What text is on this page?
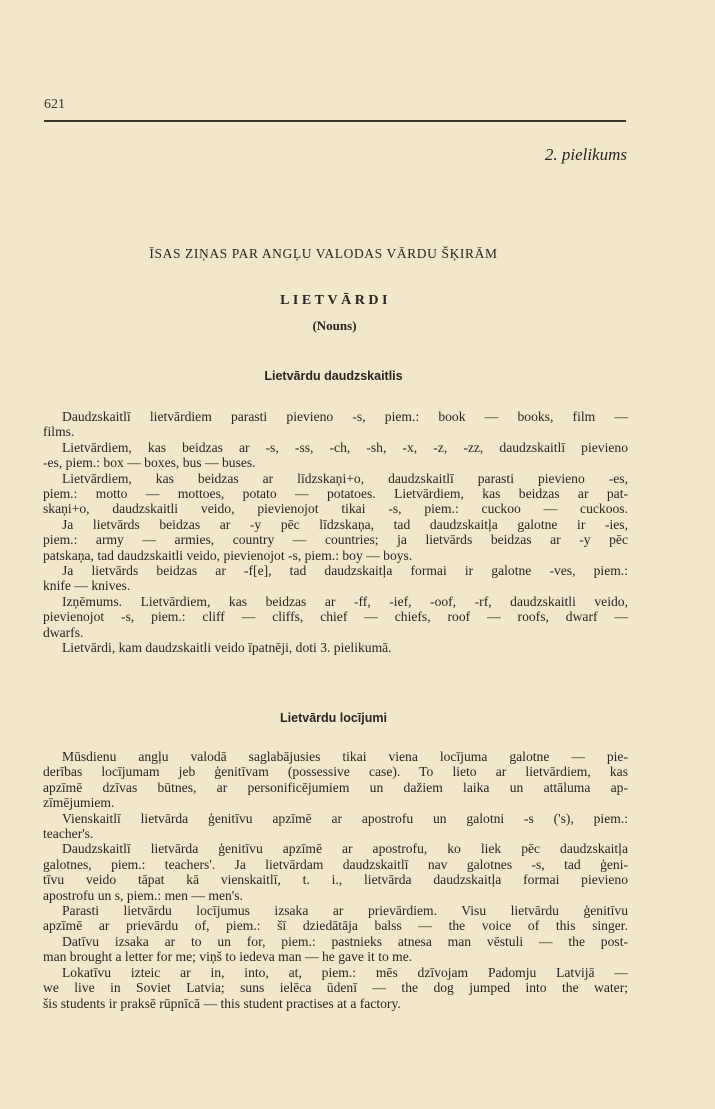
621
2. pielikums
ĪSAS ZIŅAS PAR ANGĻU VALODAS VĀRDU ŠĶIRĀM
LIETVĀRDI
(Nouns)
Lietvārdu daudzskaitlis
Daudzskaitlī lietvārdiem parasti pievieno -s, piem.: book — books, film —
films.
Lietvārdiem, kas beidzas ar -s, -ss, -ch, -sh, -x, -z, -zz, daudzskaitlī pievieno
-es, piem.: box — boxes, bus — buses.
Lietvārdiem, kas beidzas ar līdzskaņi+o, daudzskaitlī parasti pievieno -es,
piem.: motto — mottoes, potato — potatoes. Lietvārdiem, kas beidzas ar pat-
skaņi+o, daudzskaitli veido, pievienojot tikai -s, piem.: cuckoo — cuckoos.
Ja lietvārds beidzas ar -y pēc līdzskaņa, tad daudzskaitļa galotne ir -ies,
piem.: army — armies, country — countries; ja lietvārds beidzas ar -y pēc
patskaņa, tad daudzskaitli veido, pievienojot -s, piem.: boy — boys.
Ja lietvārds beidzas ar -f[e], tad daudzskaitļa formai ir galotne -ves, piem.:
knife — knives.
Izņēmums. Lietvārdiem, kas beidzas ar -ff, -ief, -oof, -rf, daudzskaitli veido,
pievienojot -s, piem.: cliff — cliffs, chief — chiefs, roof — roofs, dwarf —
dwarfs.
Lietvārdi, kam daudzskaitli veido īpatnēji, doti 3. pielikumā.
Lietvārdu locījumi
Mūsdienu angļu valodā saglabājusies tikai viena locījuma galotne — pie-
derības locījumam jeb ģenitīvam (possessive case). To lieto ar lietvārdiem, kas
apzīmē dzīvas būtnes, ar personificējumiem un dažiem laika un attāluma ap-
zīmējumiem.
Vienskaitlī lietvārda ģenitīvu apzīmē ar apostrofu un galotni -s ('s), piem.:
teacher's.
Daudzskaitlī lietvārda ģenitīvu apzīmē ar apostrofu, ko liek pēc daudzskaitļa
galotnes, piem.: teachers'. Ja lietvārdam daudzskaitlī nav galotnes -s, tad ģeni-
tīvu veido tāpat kā vienskaitlī, t. i., lietvārda daudzskaitļa formai pievieno
apostrofu un s, piem.: men — men's.
Parasti lietvārdu locījumus izsaka ar prievārdiem. Visu lietvārdu ģenitīvu
apzīmē ar prievārdu of, piem.: šī dziedātāja balss — the voice of this singer.
Datīvu izsaka ar to un for, piem.: pastnieks atnesa man vēstuli — the post-
man brought a letter for me; viņš to iedeva man — he gave it to me.
Lokatīvu izteic ar in, into, at, piem.: mēs dzīvojam Padomju Latvijā —
we live in Soviet Latvia; suns ielēca ūdenī — the dog jumped into the water;
šis students ir praksē rūpnīcā — this student practises at a factory.
